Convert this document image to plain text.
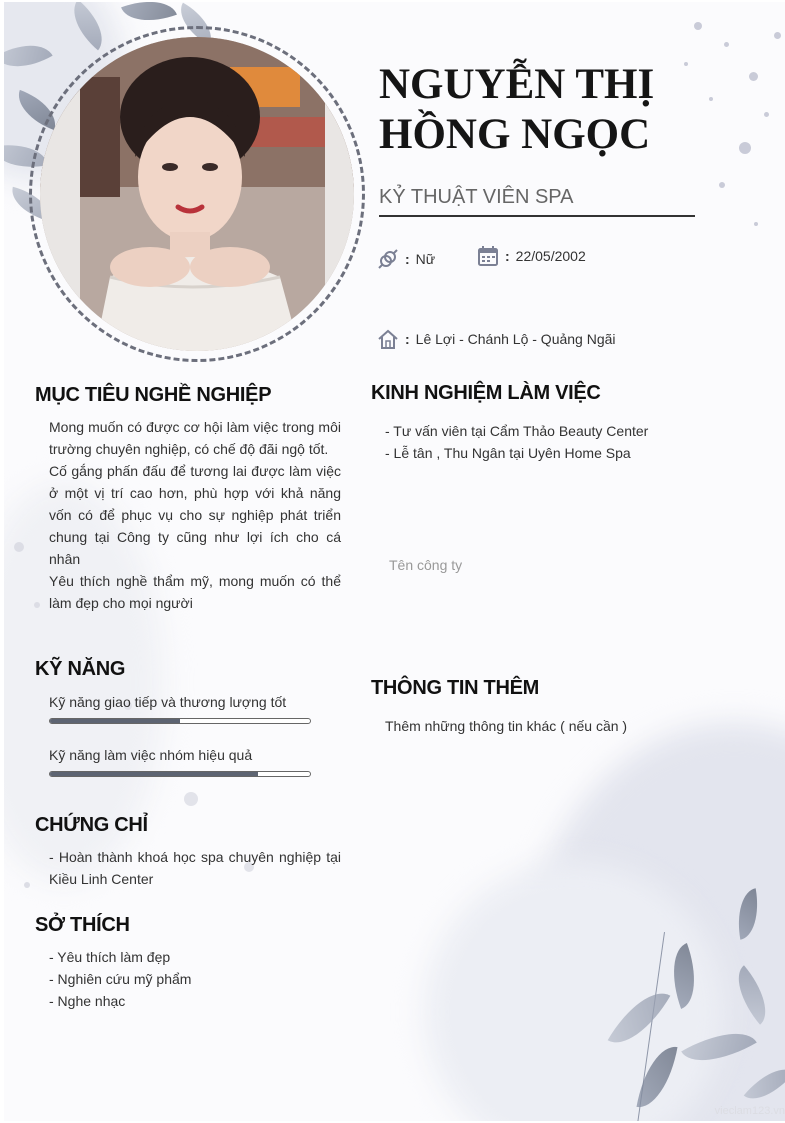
NGUYỄN THỊ HỒNG NGỌC
KỶ THUẬT VIÊN SPA
: Nữ	: 22/05/2002
: Lê Lợi - Chánh Lộ - Quảng Ngãi
MỤC TIÊU NGHỀ NGHIỆP

Mong muốn có được cơ hội làm việc trong môi trường chuyên nghiệp, có chế độ đãi ngộ tốt.

Cố gắng phấn đấu để tương lai được làm việc ở một vị trí cao hơn, phù hợp với khả năng vốn có để phục vụ cho sự nghiệp phát triển chung tại Công ty cũng như lợi ích cho cá nhân

Yêu thích nghề thẩm mỹ, mong muốn có thể làm đẹp cho mọi người

KỸ NĂNG
Kỹ năng giao tiếp và thương lượng tốt
Kỹ năng làm việc nhóm hiệu quả
CHỨNG CHỈ

- Hoàn thành khoá học spa chuyên nghiệp tại Kiều Linh Center

SỞ THÍCH
- Yêu thích làm đẹp
- Nghiên cứu mỹ phẩm
- Nghe nhạc
KINH NGHIỆM LÀM VIỆC
- Tư vấn viên tại Cẩm Thảo Beauty Center
- Lễ tân , Thu Ngân tại Uyên Home Spa
Tên công ty
THÔNG TIN THÊM
Thêm những thông tin khác ( nếu cần )
vieclam123.vn
